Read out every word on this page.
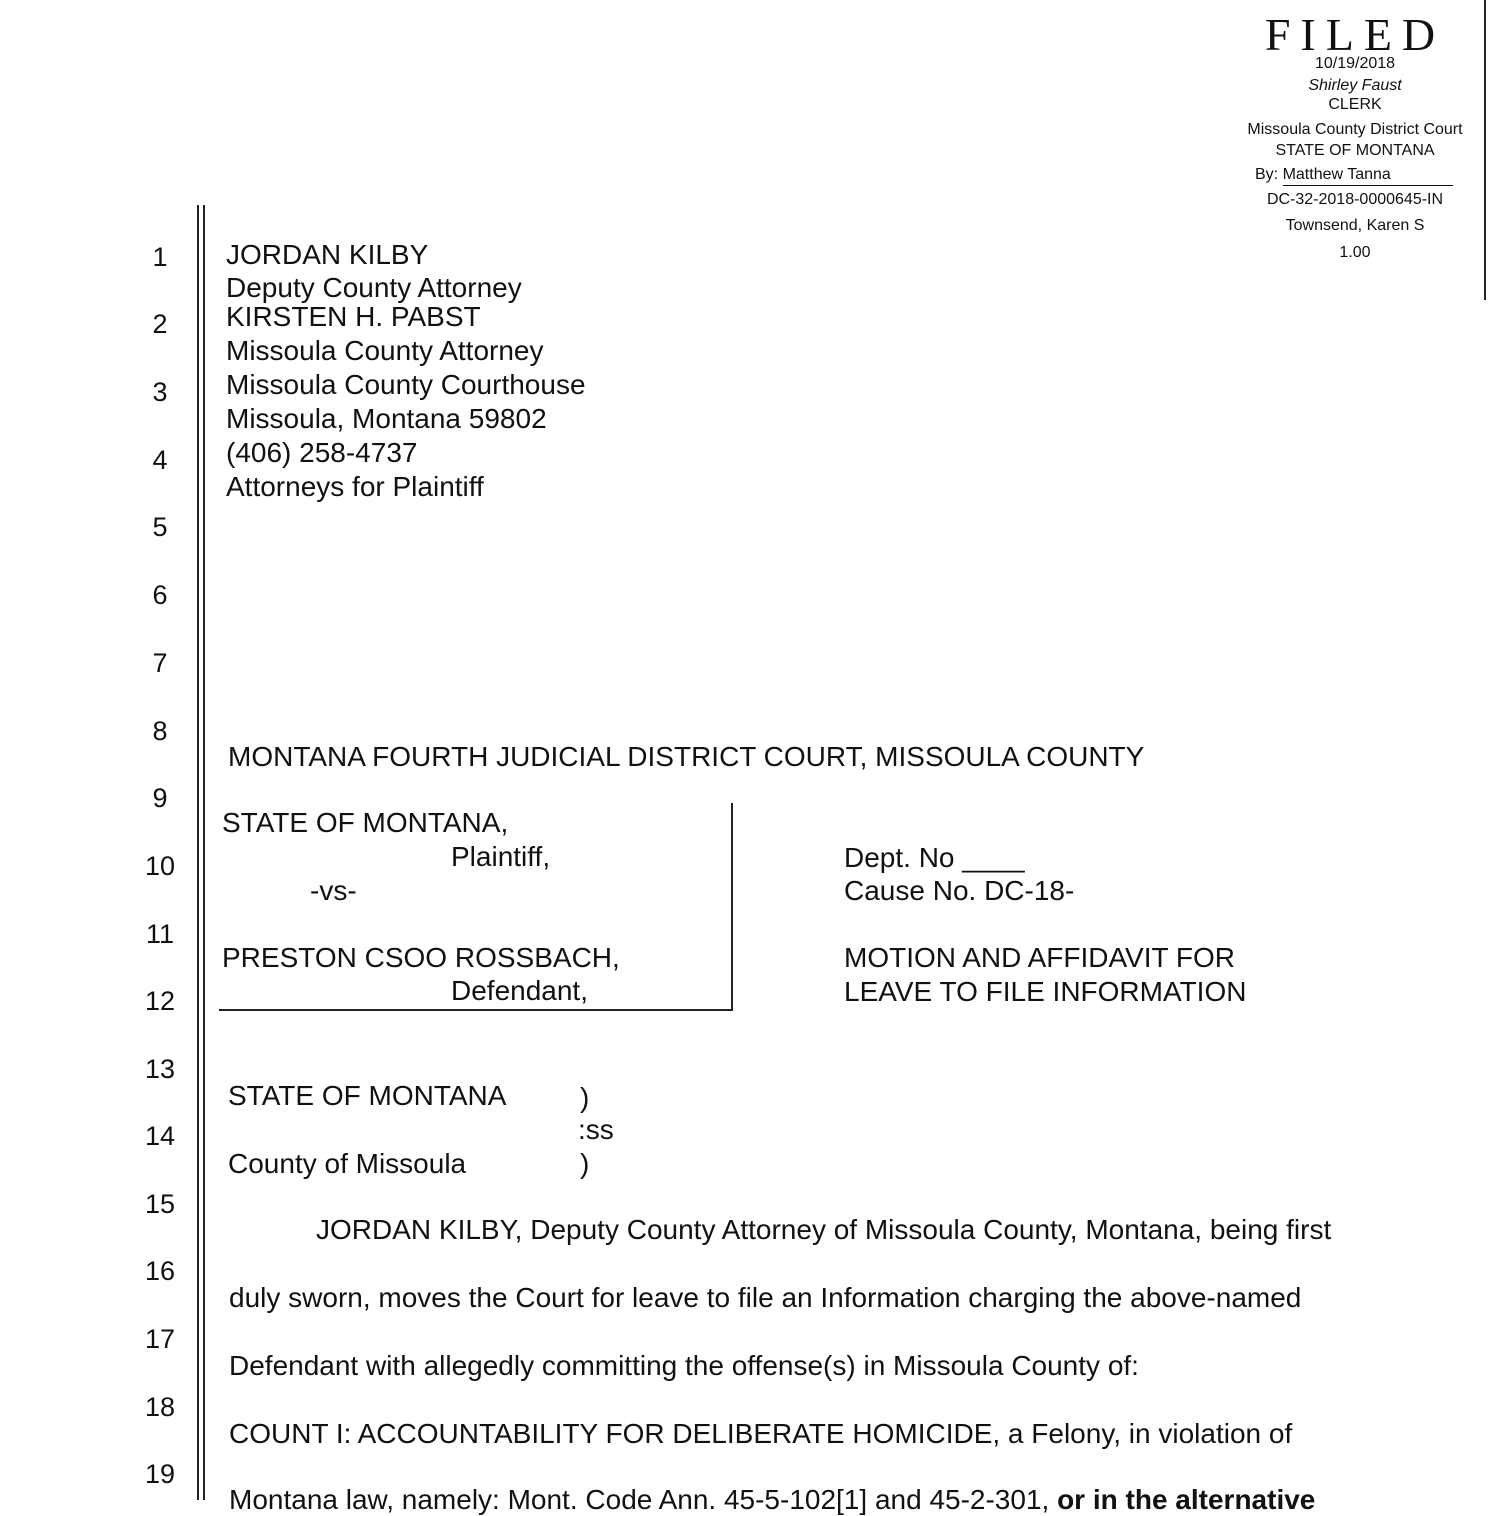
FILED
10/19/2018
Shirley Faust
CLERK
Missoula County District Court
STATE OF MONTANA
By: Matthew Tanna
DC-32-2018-0000645-IN
Townsend, Karen S
1.00
1
2
3
4
5
6
7
8
9
10
11
12
13
14
15
16
17
18
19
JORDAN KILBY
Deputy County Attorney
KIRSTEN H. PABST
Missoula County Attorney
Missoula County Courthouse
Missoula, Montana 59802
(406) 258-4737
Attorneys for Plaintiff
MONTANA FOURTH JUDICIAL DISTRICT COURT, MISSOULA COUNTY
STATE OF MONTANA,
Plaintiff,
-vs-
PRESTON CSOO ROSSBACH,
Defendant,
Dept. No ____
Cause No. DC-18-
MOTION AND AFFIDAVIT FOR
LEAVE TO FILE INFORMATION
STATE OF MONTANA	)
:ss
County of Missoula	)
JORDAN KILBY, Deputy County Attorney of Missoula County, Montana, being first
duly sworn, moves the Court for leave to file an Information charging the above-named
Defendant with allegedly committing the offense(s) in Missoula County of:
COUNT I: ACCOUNTABILITY FOR DELIBERATE HOMICIDE, a Felony, in violation of
Montana law, namely: Mont. Code Ann. 45-5-102[1] and 45-2-301, or in the alternative
